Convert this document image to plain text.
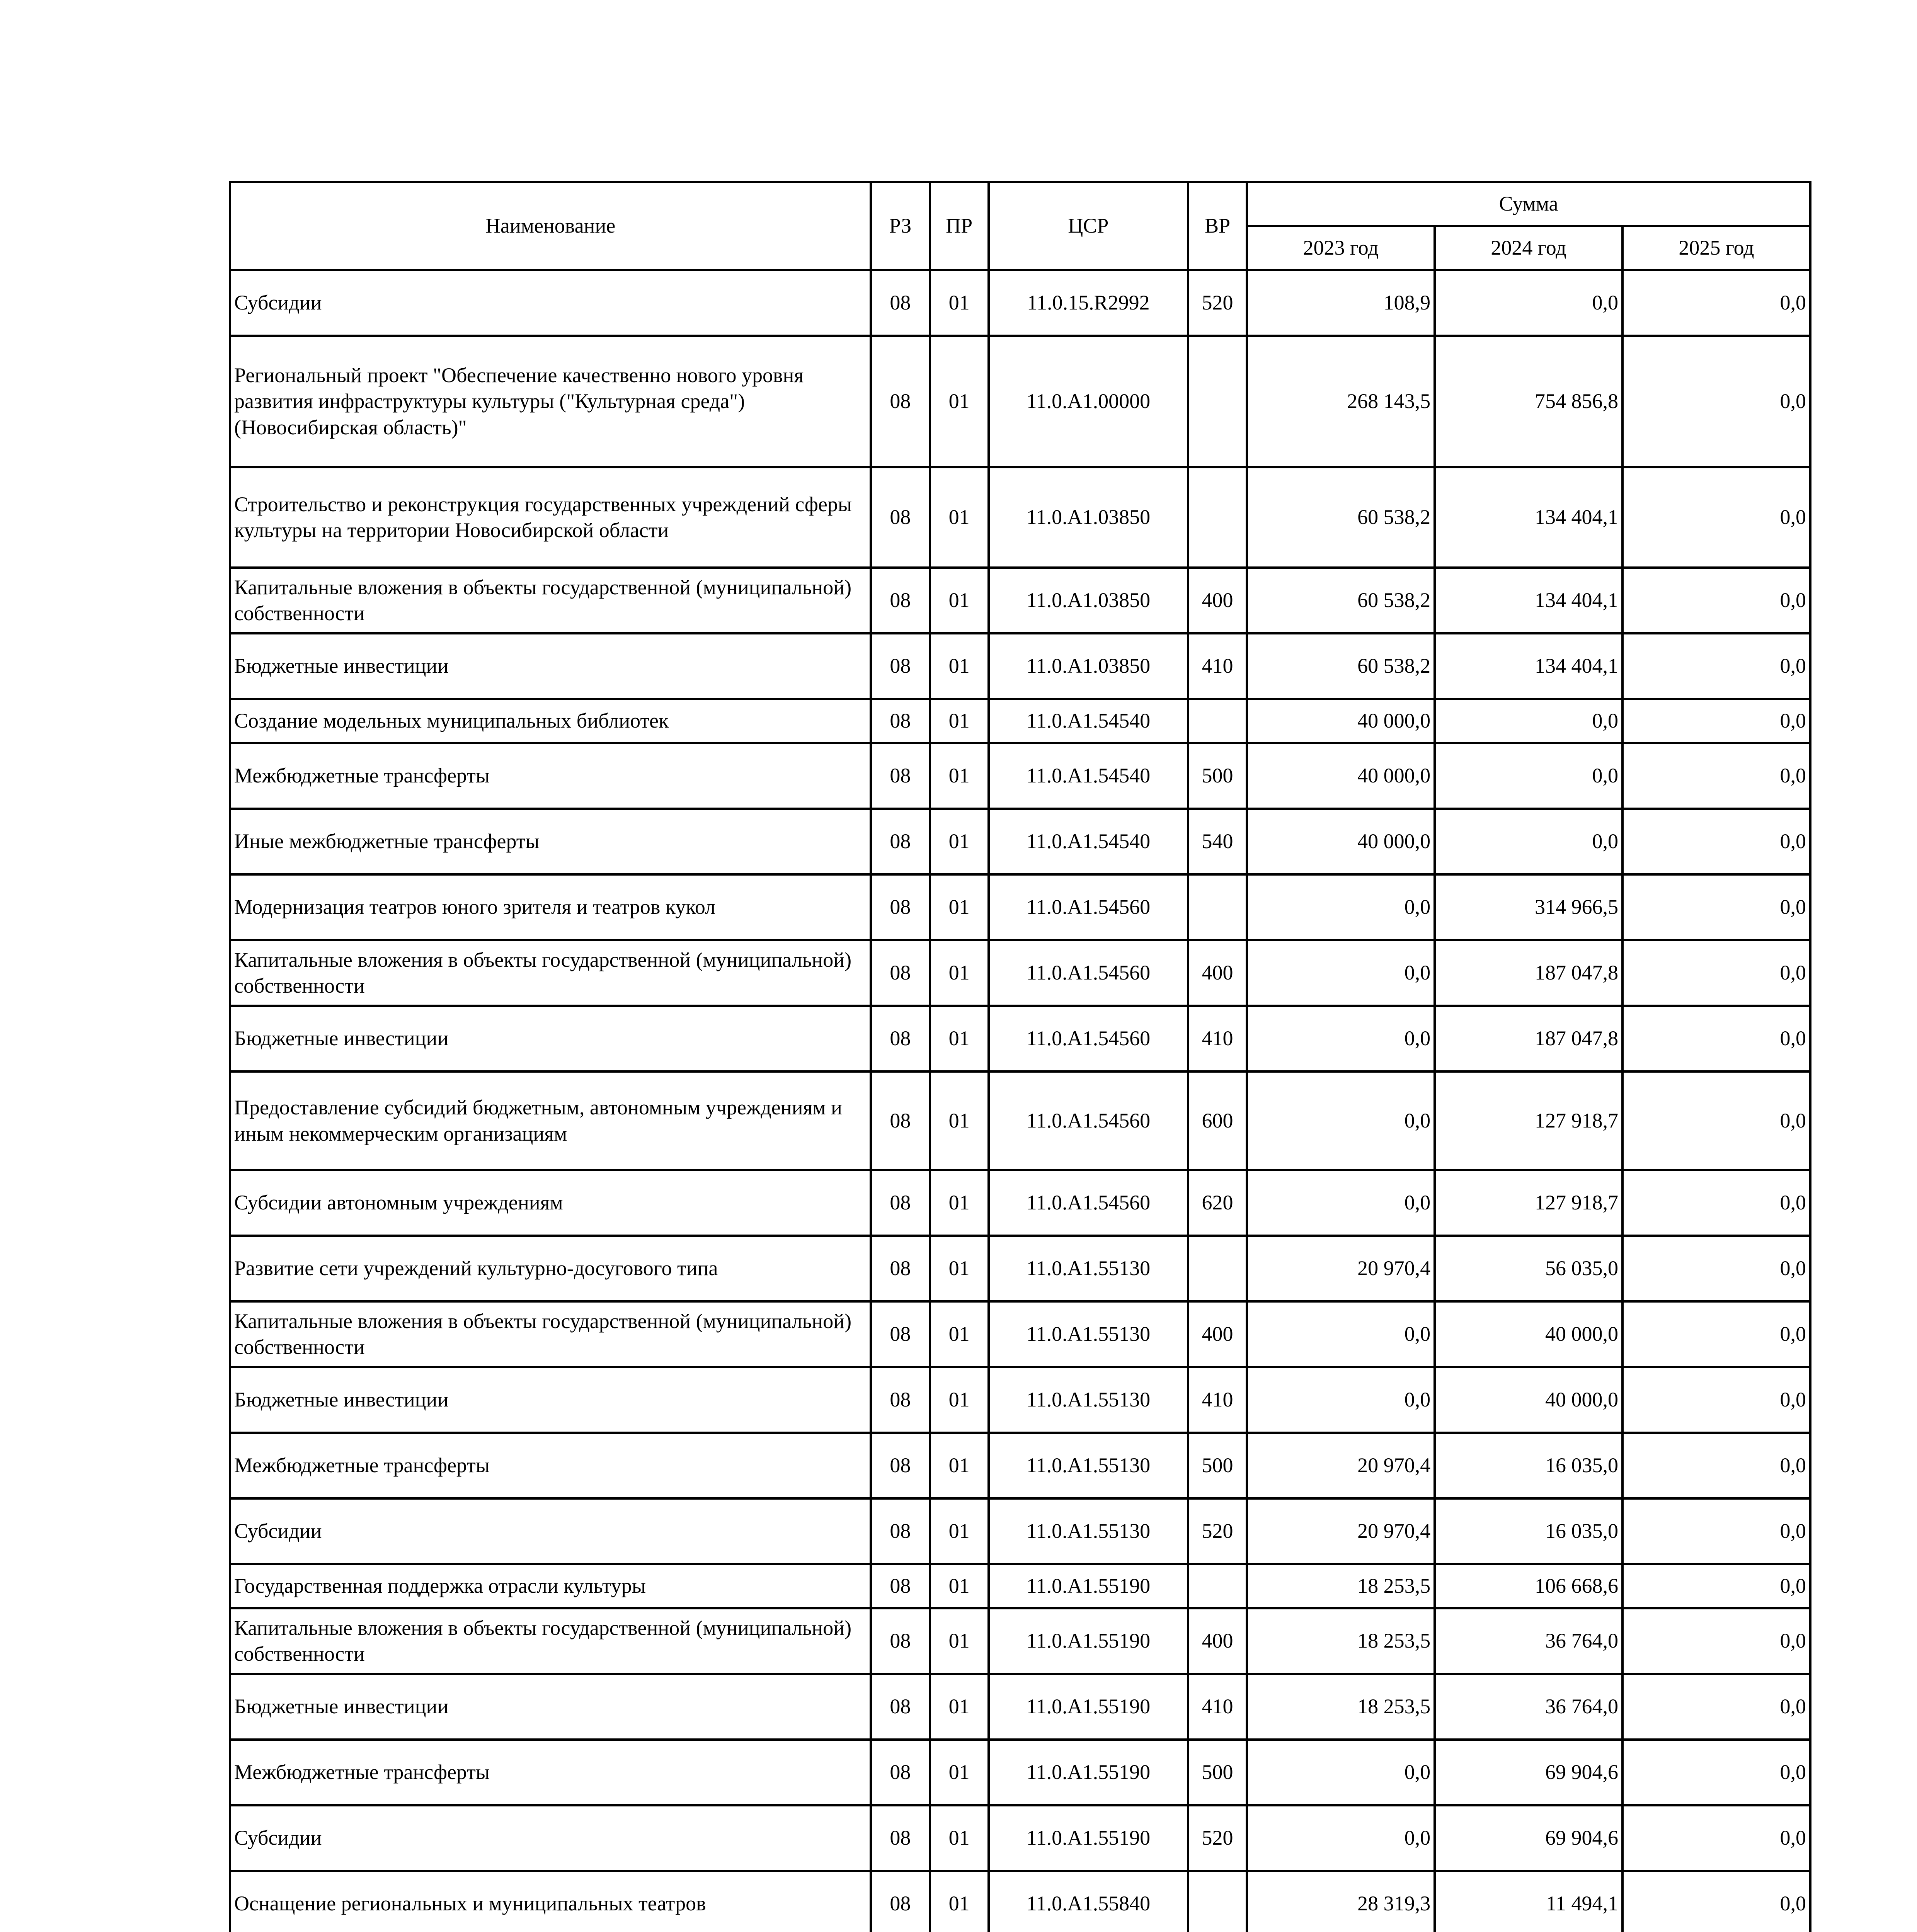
Наименование	РЗ	ПР	ЦСР	ВР	Сумма		
					2023 год	2024 год	2025 год
Субсидии	08	01	11.0.15.R2992	520	108,9	0,0	0,0
Региональный проект "Обеспечение качественно нового уровня развития инфраструктуры культуры ("Культурная среда") (Новосибирская область)"	08	01	11.0.А1.00000		268 143,5	754 856,8	0,0
Строительство и реконструкция государственных учреждений сферы культуры на территории Новосибирской области	08	01	11.0.А1.03850		60 538,2	134 404,1	0,0
Капитальные вложения в объекты государственной (муниципальной) собственности	08	01	11.0.А1.03850	400	60 538,2	134 404,1	0,0
Бюджетные инвестиции	08	01	11.0.А1.03850	410	60 538,2	134 404,1	0,0
Создание модельных муниципальных библиотек	08	01	11.0.А1.54540		40 000,0	0,0	0,0
Межбюджетные трансферты	08	01	11.0.А1.54540	500	40 000,0	0,0	0,0
Иные межбюджетные трансферты	08	01	11.0.А1.54540	540	40 000,0	0,0	0,0
Модернизация театров юного зрителя и театров кукол	08	01	11.0.А1.54560		0,0	314 966,5	0,0
Капитальные вложения в объекты государственной (муниципальной) собственности	08	01	11.0.А1.54560	400	0,0	187 047,8	0,0
Бюджетные инвестиции	08	01	11.0.А1.54560	410	0,0	187 047,8	0,0
Предоставление субсидий бюджетным, автономным учреждениям и иным некоммерческим организациям	08	01	11.0.А1.54560	600	0,0	127 918,7	0,0
Субсидии автономным учреждениям	08	01	11.0.А1.54560	620	0,0	127 918,7	0,0
Развитие сети учреждений культурно-досугового типа	08	01	11.0.А1.55130		20 970,4	56 035,0	0,0
Капитальные вложения в объекты государственной (муниципальной) собственности	08	01	11.0.А1.55130	400	0,0	40 000,0	0,0
Бюджетные инвестиции	08	01	11.0.А1.55130	410	0,0	40 000,0	0,0
Межбюджетные трансферты	08	01	11.0.А1.55130	500	20 970,4	16 035,0	0,0
Субсидии	08	01	11.0.А1.55130	520	20 970,4	16 035,0	0,0
Государственная поддержка отрасли культуры	08	01	11.0.А1.55190		18 253,5	106 668,6	0,0
Капитальные вложения в объекты государственной (муниципальной) собственности	08	01	11.0.А1.55190	400	18 253,5	36 764,0	0,0
Бюджетные инвестиции	08	01	11.0.А1.55190	410	18 253,5	36 764,0	0,0
Межбюджетные трансферты	08	01	11.0.А1.55190	500	0,0	69 904,6	0,0
Субсидии	08	01	11.0.А1.55190	520	0,0	69 904,6	0,0
Оснащение региональных и муниципальных театров	08	01	11.0.А1.55840		28 319,3	11 494,1	0,0
